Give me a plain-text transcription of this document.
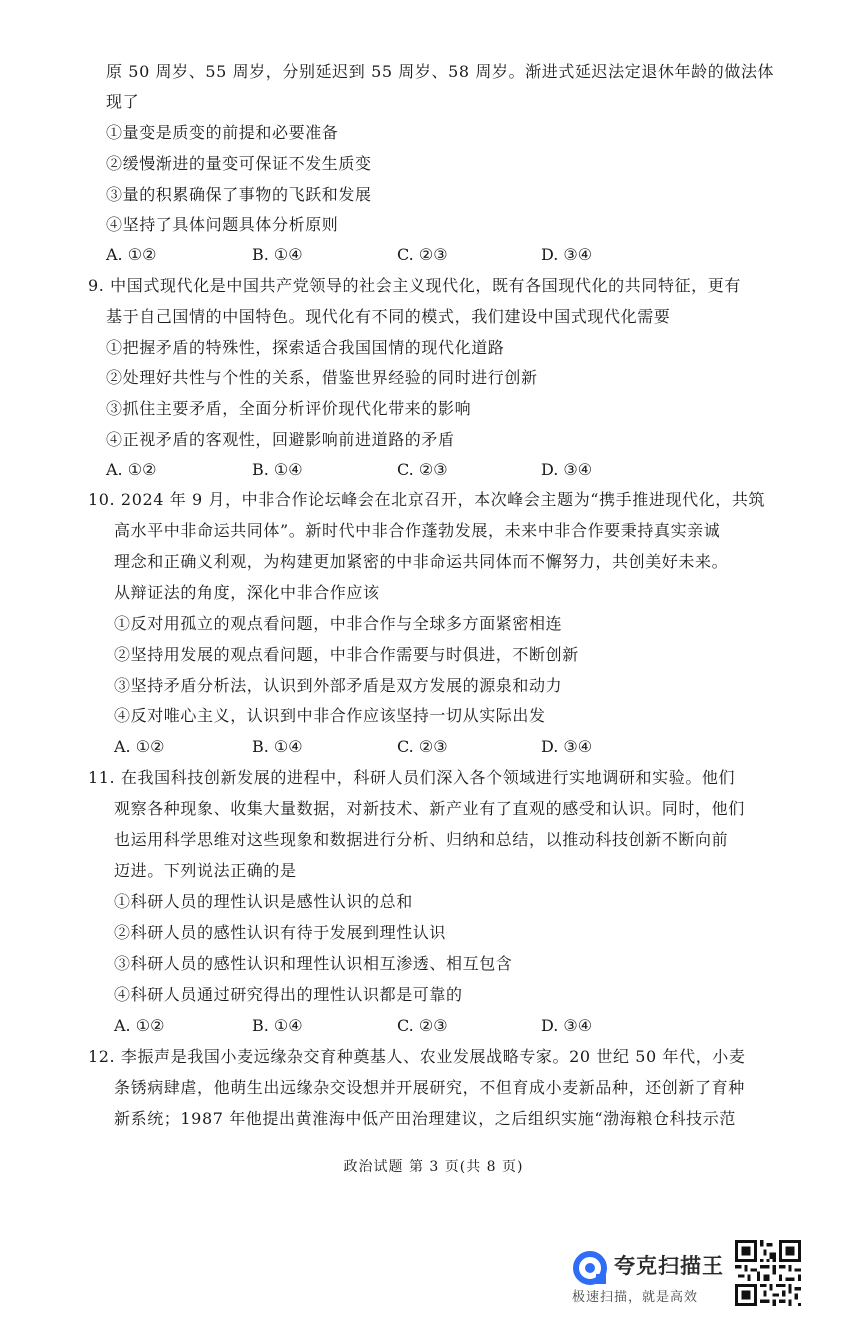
原 50 周岁、55 周岁，分别延迟到 55 周岁、58 周岁。渐进式延迟法定退休年龄的做法体
现了
①量变是质变的前提和必要准备
②缓慢渐进的量变可保证不发生质变
③量的积累确保了事物的飞跃和发展
④坚持了具体问题具体分析原则
A. ①②	B. ①④	C. ②③	D. ③④
9. 中国式现代化是中国共产党领导的社会主义现代化，既有各国现代化的共同特征，更有
基于自己国情的中国特色。现代化有不同的模式，我们建设中国式现代化需要
①把握矛盾的特殊性，探索适合我国国情的现代化道路
②处理好共性与个性的关系，借鉴世界经验的同时进行创新
③抓住主要矛盾，全面分析评价现代化带来的影响
④正视矛盾的客观性，回避影响前进道路的矛盾
A. ①②	B. ①④	C. ②③	D. ③④
10. 2024 年 9 月，中非合作论坛峰会在北京召开，本次峰会主题为“携手推进现代化，共筑
高水平中非命运共同体”。新时代中非合作蓬勃发展，未来中非合作要秉持真实亲诚
理念和正确义利观，为构建更加紧密的中非命运共同体而不懈努力，共创美好未来。
从辩证法的角度，深化中非合作应该
①反对用孤立的观点看问题，中非合作与全球多方面紧密相连
②坚持用发展的观点看问题，中非合作需要与时俱进，不断创新
③坚持矛盾分析法，认识到外部矛盾是双方发展的源泉和动力
④反对唯心主义，认识到中非合作应该坚持一切从实际出发
A. ①②	B. ①④	C. ②③	D. ③④
11. 在我国科技创新发展的进程中，科研人员们深入各个领域进行实地调研和实验。他们
观察各种现象、收集大量数据，对新技术、新产业有了直观的感受和认识。同时，他们
也运用科学思维对这些现象和数据进行分析、归纳和总结，以推动科技创新不断向前
迈进。下列说法正确的是
①科研人员的理性认识是感性认识的总和
②科研人员的感性认识有待于发展到理性认识
③科研人员的感性认识和理性认识相互渗透、相互包含
④科研人员通过研究得出的理性认识都是可靠的
A. ①②	B. ①④	C. ②③	D. ③④
12. 李振声是我国小麦远缘杂交育种奠基人、农业发展战略专家。20 世纪 50 年代，小麦
条锈病肆虐，他萌生出远缘杂交设想并开展研究，不但育成小麦新品种，还创新了育种
新系统；1987 年他提出黄淮海中低产田治理建议，之后组织实施“渤海粮仓科技示范
政治试题 第 3 页(共 8 页)
夸克扫描王
极速扫描，就是高效
